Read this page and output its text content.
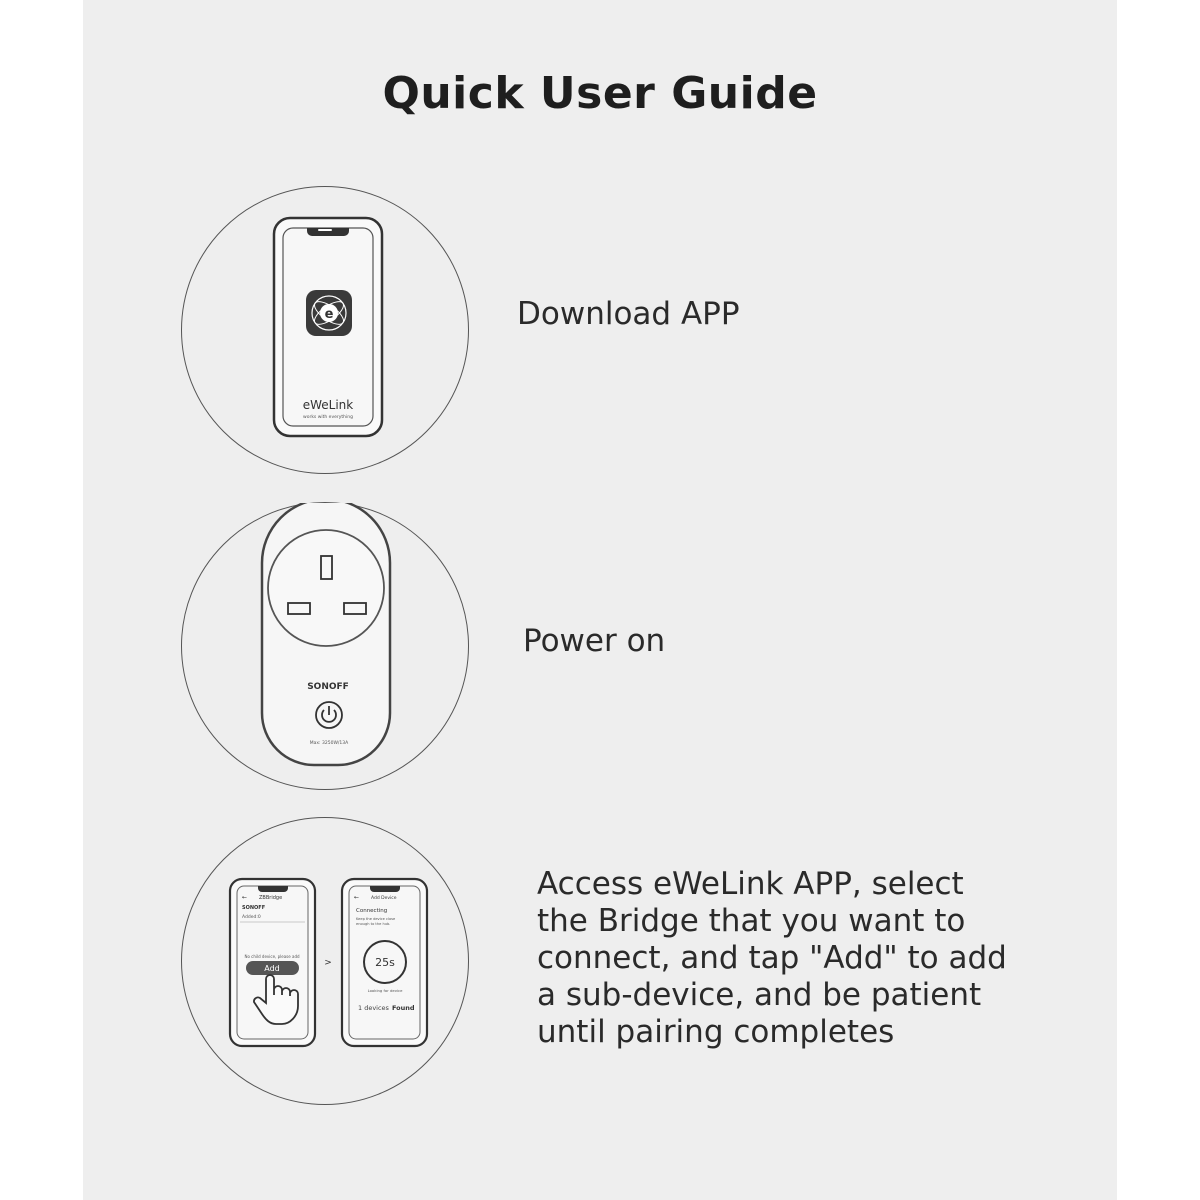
Quick User Guide
e
eWeLink
works with everything
Download APP
SONOFF
Max: 3250W/13A
Power on
← ZBBridge
SONOFF
Added:0
No child device, please add
Add
>
←	Add Device
Connecting
Keep the device close
enough to the hub.
25s
Looking for device
1 devices Found
Access eWeLink APP, select
the Bridge that you want to
connect, and tap "Add" to add
a sub-device, and be patient
until pairing completes
